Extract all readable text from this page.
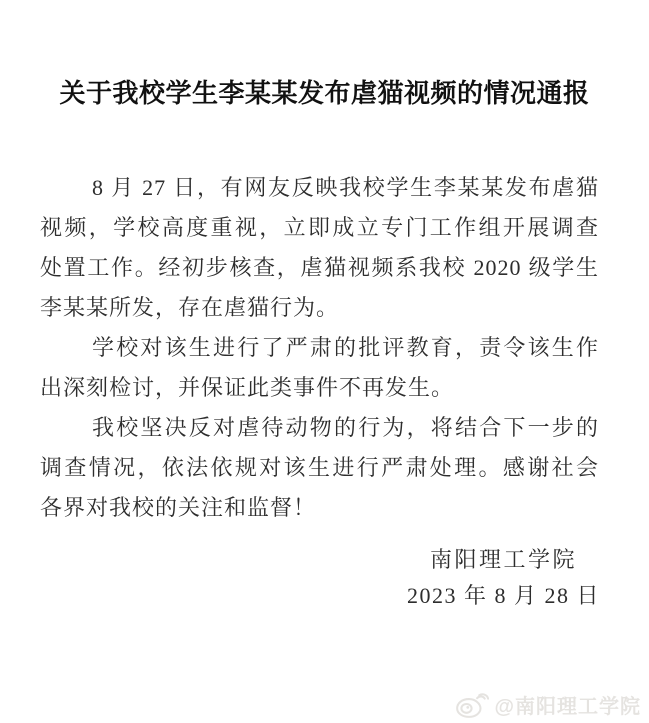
关于我校学生李某某发布虐猫视频的情况通报
8 月 27 日，有网友反映我校学生李某某发布虐猫
视频，学校高度重视，立即成立专门工作组开展调查
处置工作。经初步核查，虐猫视频系我校 2020 级学生
李某某所发，存在虐猫行为。
学校对该生进行了严肃的批评教育，责令该生作
出深刻检讨，并保证此类事件不再发生。
我校坚决反对虐待动物的行为，将结合下一步的
调查情况，依法依规对该生进行严肃处理。感谢社会
各界对我校的关注和监督！
南阳理工学院
2023 年 8 月 28 日
@南阳理工学院
